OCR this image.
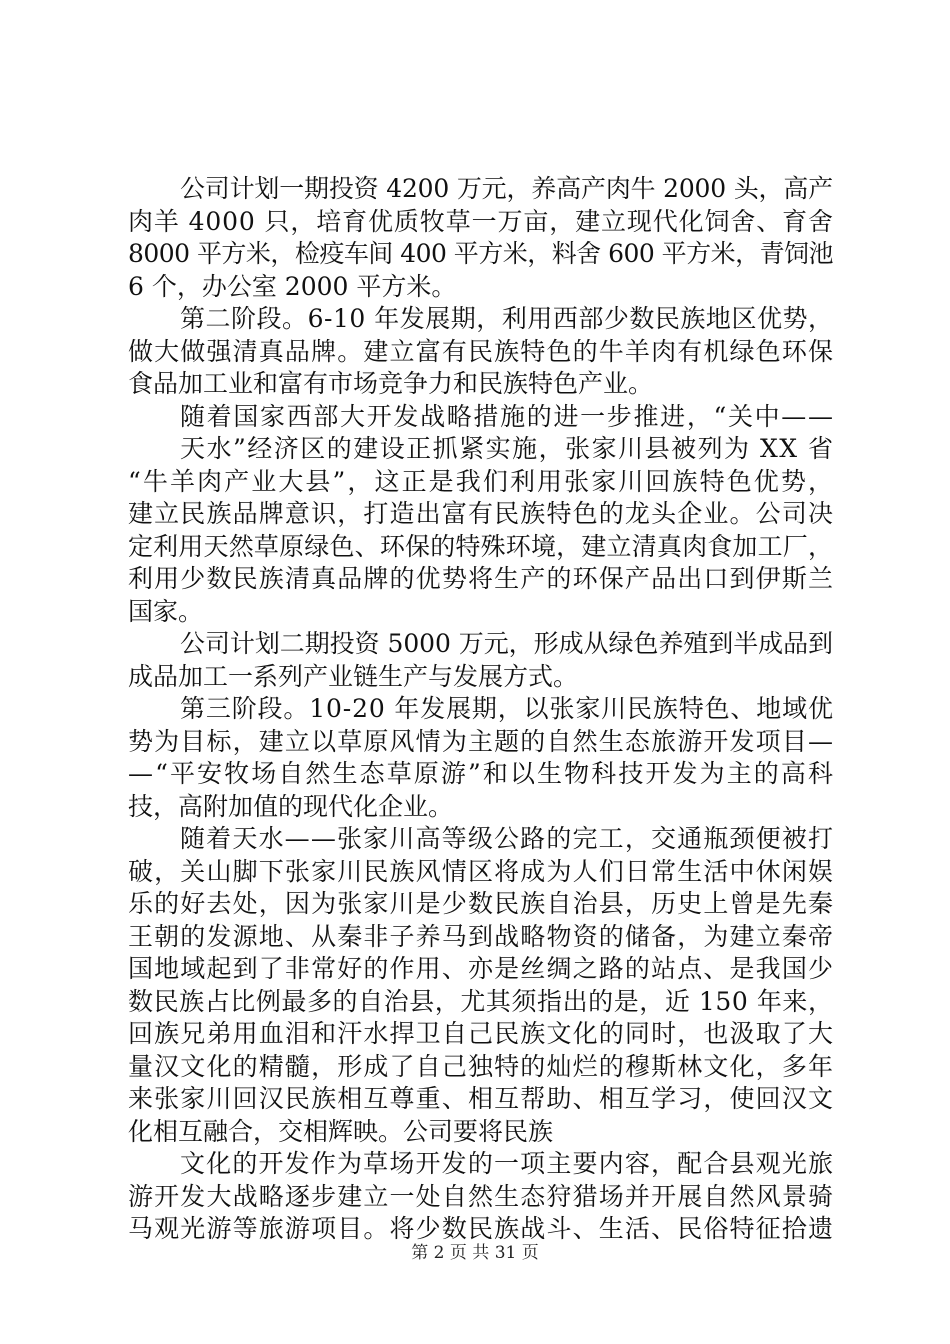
公司计划一期投资 4200 万元，养高产肉牛 2000 头，高产
肉羊 4000 只，培育优质牧草一万亩，建立现代化饲舍、育舍
8000 平方米，检疫车间 400 平方米，料舍 600 平方米，青饲池
6 个，办公室 2000 平方米。
第二阶段。6-10 年发展期，利用西部少数民族地区优势，
做大做强清真品牌。建立富有民族特色的牛羊肉有机绿色环保
食品加工业和富有市场竞争力和民族特色产业。
随着国家西部大开发战略措施的进一步推进，“关中——
天水”经济区的建设正抓紧实施，张家川县被列为 XX 省
“牛羊肉产业大县”，这正是我们利用张家川回族特色优势，
建立民族品牌意识，打造出富有民族特色的龙头企业。公司决
定利用天然草原绿色、环保的特殊环境，建立清真肉食加工厂，
利用少数民族清真品牌的优势将生产的环保产品出口到伊斯兰
国家。
公司计划二期投资 5000 万元，形成从绿色养殖到半成品到
成品加工一系列产业链生产与发展方式。
第三阶段。10-20 年发展期，以张家川民族特色、地域优
势为目标，建立以草原风情为主题的自然生态旅游开发项目—
—“平安牧场自然生态草原游”和以生物科技开发为主的高科
技，高附加值的现代化企业。
随着天水——张家川高等级公路的完工，交通瓶颈便被打
破，关山脚下张家川民族风情区将成为人们日常生活中休闲娱
乐的好去处，因为张家川是少数民族自治县，历史上曾是先秦
王朝的发源地、从秦非子养马到战略物资的储备，为建立秦帝
国地域起到了非常好的作用、亦是丝绸之路的站点、是我国少
数民族占比例最多的自治县，尤其须指出的是，近 150 年来，
回族兄弟用血泪和汗水捍卫自己民族文化的同时，也汲取了大
量汉文化的精髓，形成了自己独特的灿烂的穆斯林文化，多年
来张家川回汉民族相互尊重、相互帮助、相互学习，使回汉文
化相互融合，交相辉映。公司要将民族
文化的开发作为草场开发的一项主要内容，配合县观光旅
游开发大战略逐步建立一处自然生态狩猎场并开展自然风景骑
马观光游等旅游项目。将少数民族战斗、生活、民俗特征拾遗
第 2 页 共 31 页
